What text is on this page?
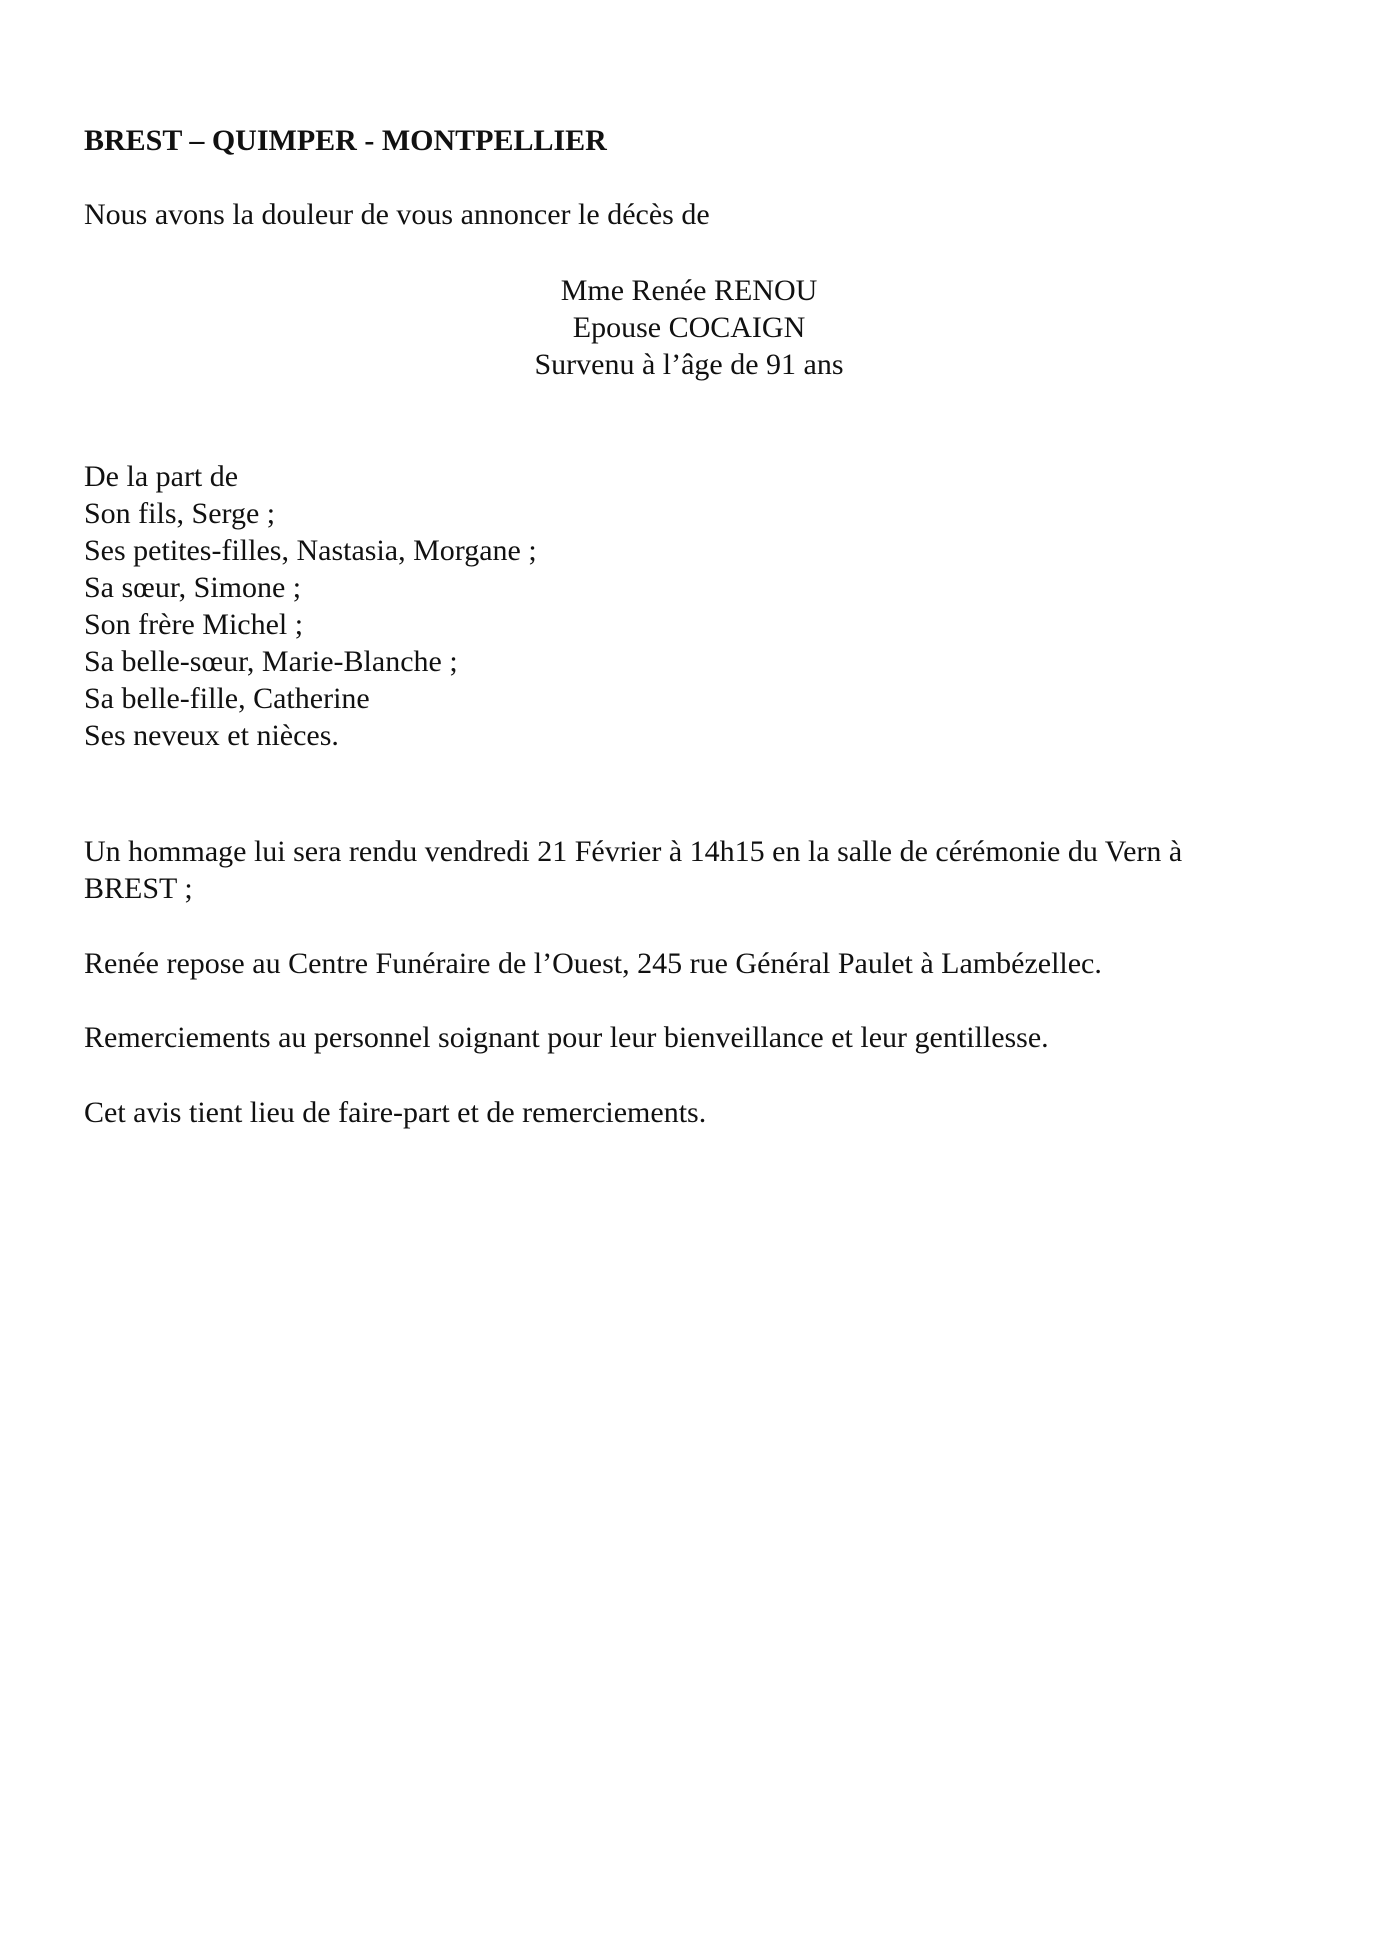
BREST – QUIMPER - MONTPELLIER
Nous avons la douleur de vous annoncer le décès de
Mme Renée RENOU
Epouse COCAIGN
Survenu à l’âge de 91 ans
De la part de
Son fils, Serge ;
Ses petites-filles, Nastasia, Morgane ;
Sa sœur, Simone ;
Son frère Michel ;
Sa belle-sœur, Marie-Blanche ;
Sa belle-fille, Catherine
Ses neveux et nièces.
Un hommage lui sera rendu vendredi 21 Février à 14h15 en la salle de cérémonie du Vern à
BREST ;
Renée repose au Centre Funéraire de l’Ouest, 245 rue Général Paulet à Lambézellec.
Remerciements au personnel soignant pour leur bienveillance et leur gentillesse.
Cet avis tient lieu de faire-part et de remerciements.
